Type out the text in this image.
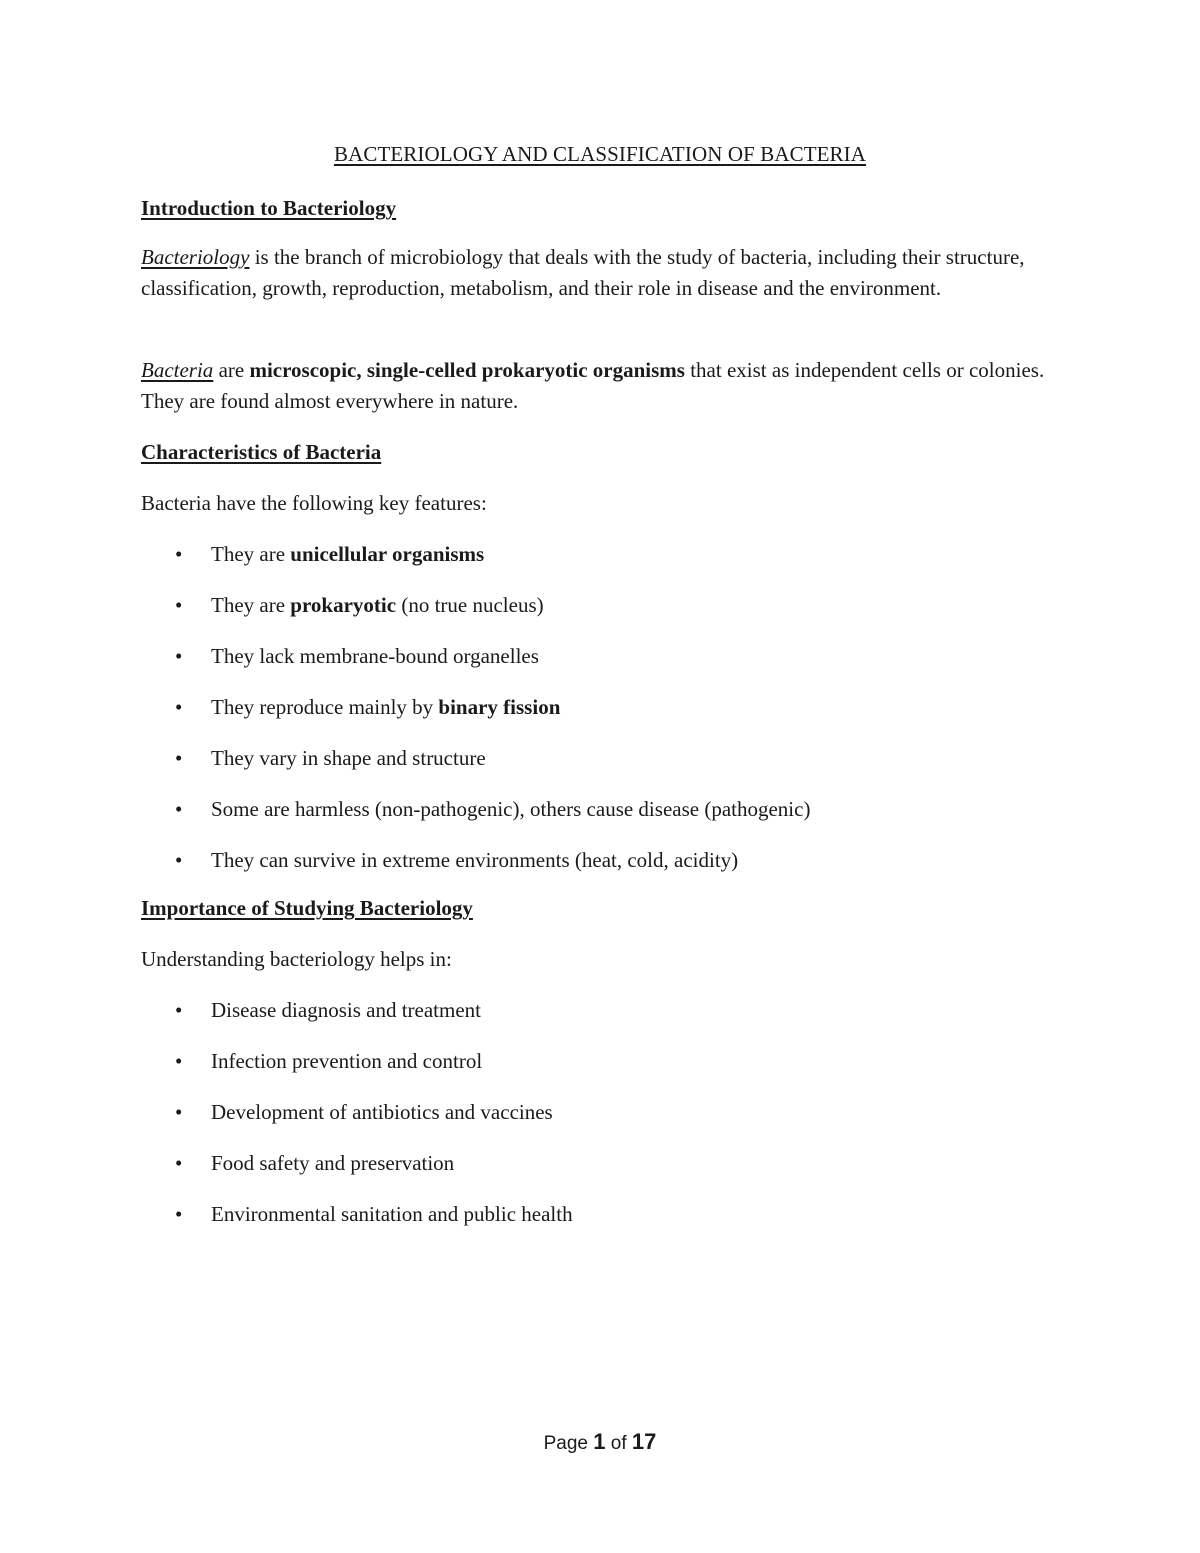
BACTERIOLOGY AND CLASSIFICATION OF BACTERIA
Introduction to Bacteriology
Bacteriology is the branch of microbiology that deals with the study of bacteria, including their structure, classification, growth, reproduction, metabolism, and their role in disease and the environment.
Bacteria are microscopic, single-celled prokaryotic organisms that exist as independent cells or colonies. They are found almost everywhere in nature.
Characteristics of Bacteria
Bacteria have the following key features:
• They are unicellular organisms
• They are prokaryotic (no true nucleus)
• They lack membrane-bound organelles
• They reproduce mainly by binary fission
• They vary in shape and structure
• Some are harmless (non-pathogenic), others cause disease (pathogenic)
• They can survive in extreme environments (heat, cold, acidity)
Importance of Studying Bacteriology
Understanding bacteriology helps in:
• Disease diagnosis and treatment
• Infection prevention and control
• Development of antibiotics and vaccines
• Food safety and preservation
• Environmental sanitation and public health
Page 1 of 17
